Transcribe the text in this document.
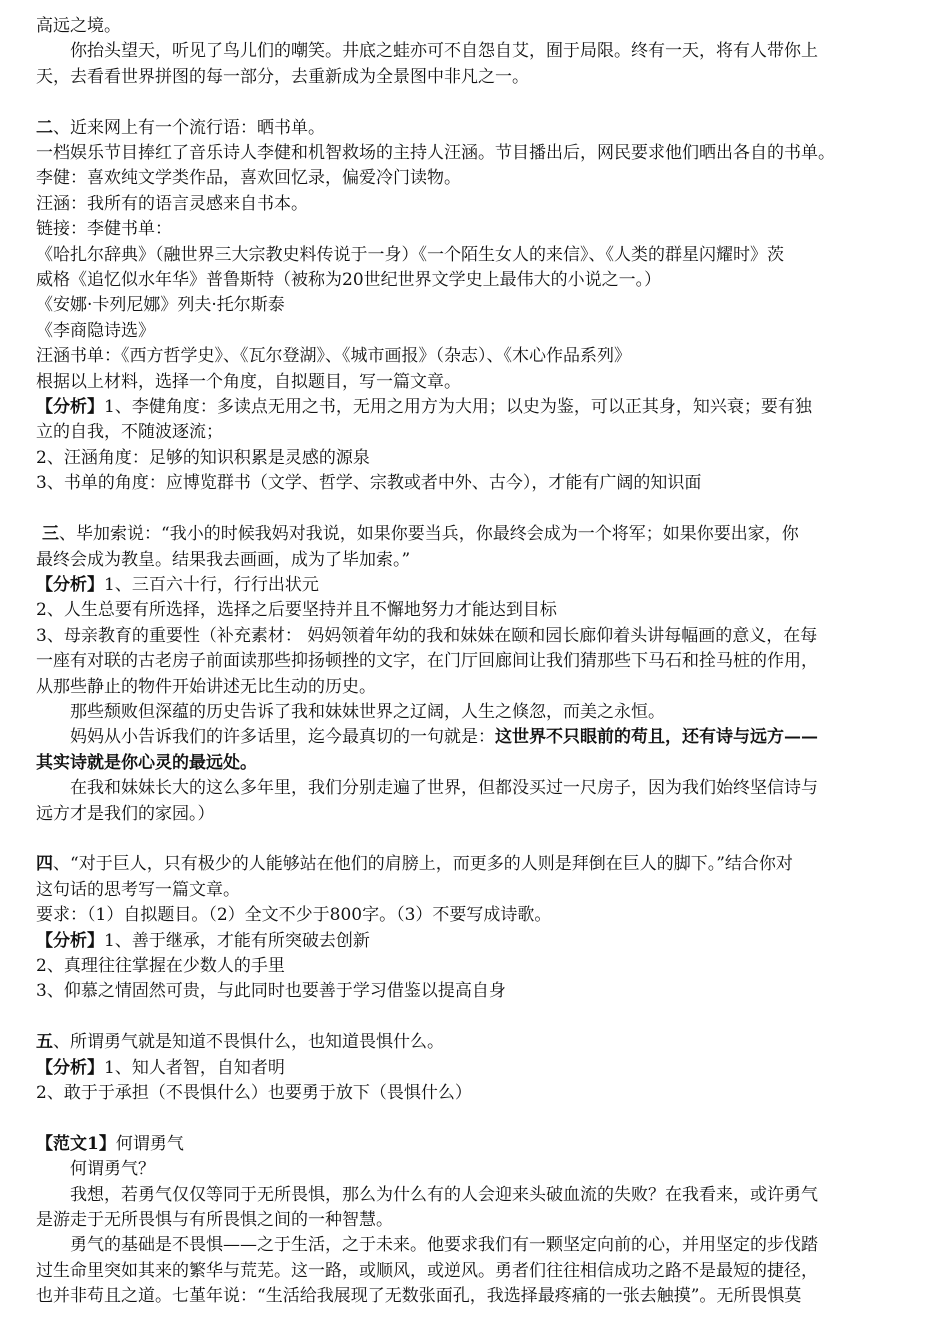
高远之境。
你抬头望天，听见了鸟儿们的嘲笑。井底之蛙亦可不自怨自艾，囿于局限。终有一天，将有人带你上
天，去看看世界拼图的每一部分，去重新成为全景图中非凡之一。
二、近来网上有一个流行语：晒书单。
一档娱乐节目捧红了音乐诗人李健和机智救场的主持人汪涵。节目播出后，网民要求他们晒出各自的书单。
李健：喜欢纯文学类作品，喜欢回忆录，偏爱冷门读物。
汪涵：我所有的语言灵感来自书本。
链接：李健书单：
《哈扎尔辞典》（融世界三大宗教史料传说于一身）《一个陌生女人的来信》、《人类的群星闪耀时》茨
威格《追忆似水年华》普鲁斯特（被称为20世纪世界文学史上最伟大的小说之一。）
《安娜·卡列尼娜》列夫·托尔斯泰
《李商隐诗选》
汪涵书单：《西方哲学史》、《瓦尔登湖》、《城市画报》（杂志）、《木心作品系列》
根据以上材料，选择一个角度，自拟题目，写一篇文章。
【分析】1、李健角度：多读点无用之书，无用之用方为大用；以史为鉴，可以正其身，知兴衰；要有独
立的自我，不随波逐流；
2、汪涵角度：足够的知识积累是灵感的源泉
3、书单的角度：应博览群书（文学、哲学、宗教或者中外、古今），才能有广阔的知识面
三、毕加索说：“我小的时候我妈对我说，如果你要当兵，你最终会成为一个将军；如果你要出家，你
最终会成为教皇。结果我去画画，成为了毕加索。”
【分析】1、三百六十行，行行出状元
2、人生总要有所选择，选择之后要坚持并且不懈地努力才能达到目标
3、母亲教育的重要性（补充素材： 妈妈领着年幼的我和妹妹在颐和园长廊仰着头讲每幅画的意义，在每
一座有对联的古老房子前面读那些抑扬顿挫的文字，在门厅回廊间让我们猜那些下马石和拴马桩的作用，
从那些静止的物件开始讲述无比生动的历史。
那些颓败但深蕴的历史告诉了我和妹妹世界之辽阔，人生之倏忽，而美之永恒。
妈妈从小告诉我们的许多话里，迄今最真切的一句就是：这世界不只眼前的苟且，还有诗与远方——
其实诗就是你心灵的最远处。
在我和妹妹长大的这么多年里，我们分别走遍了世界，但都没买过一尺房子，因为我们始终坚信诗与
远方才是我们的家园。）
四、“对于巨人，只有极少的人能够站在他们的肩膀上，而更多的人则是拜倒在巨人的脚下。”结合你对
这句话的思考写一篇文章。
要求：（1）自拟题目。（2）全文不少于800字。（3）不要写成诗歌。
【分析】1、善于继承，才能有所突破去创新
2、真理往往掌握在少数人的手里
3、仰慕之情固然可贵，与此同时也要善于学习借鉴以提高自身
五、所谓勇气就是知道不畏惧什么，也知道畏惧什么。
【分析】1、知人者智，自知者明
2、敢于于承担（不畏惧什么）也要勇于放下（畏惧什么）
【范文1】何谓勇气
何谓勇气？
我想，若勇气仅仅等同于无所畏惧，那么为什么有的人会迎来头破血流的失败？在我看来，或许勇气
是游走于无所畏惧与有所畏惧之间的一种智慧。
勇气的基础是不畏惧——之于生活，之于未来。他要求我们有一颗坚定向前的心，并用坚定的步伐踏
过生命里突如其来的繁华与荒芜。这一路，或顺风，或逆风。勇者们往往相信成功之路不是最短的捷径，
也并非苟且之道。七堇年说：“生活给我展现了无数张面孔，我选择最疼痛的一张去触摸”。无所畏惧莫
